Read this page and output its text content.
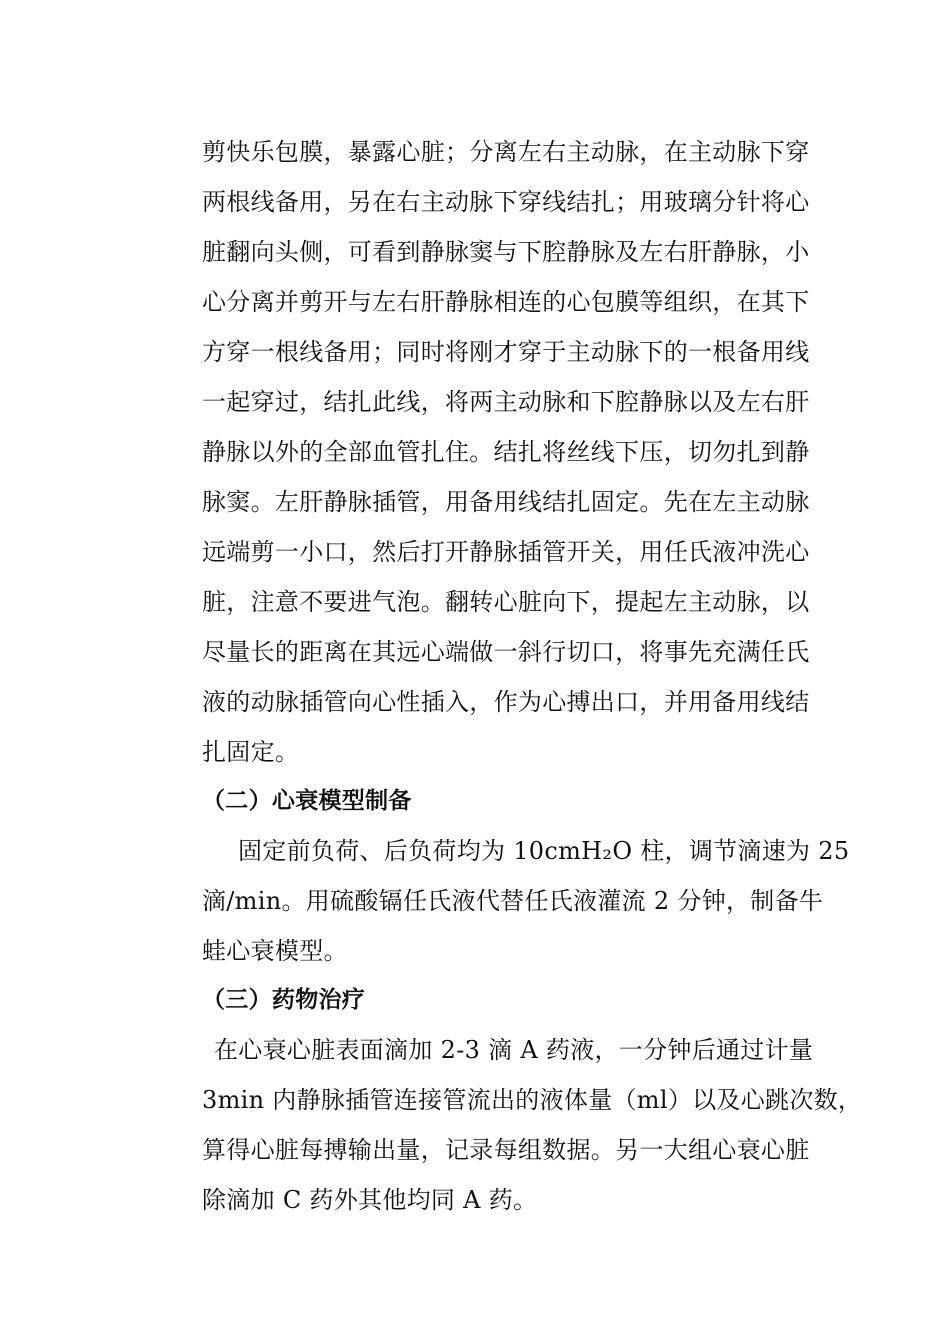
剪快乐包膜，暴露心脏；分离左右主动脉，在主动脉下穿
两根线备用，另在右主动脉下穿线结扎；用玻璃分针将心
脏翻向头侧，可看到静脉窦与下腔静脉及左右肝静脉，小
心分离并剪开与左右肝静脉相连的心包膜等组织，在其下
方穿一根线备用；同时将刚才穿于主动脉下的一根备用线
一起穿过，结扎此线，将两主动脉和下腔静脉以及左右肝
静脉以外的全部血管扎住。结扎将丝线下压，切勿扎到静
脉窦。左肝静脉插管，用备用线结扎固定。先在左主动脉
远端剪一小口，然后打开静脉插管开关，用任氏液冲洗心
脏，注意不要进气泡。翻转心脏向下，提起左主动脉，以
尽量长的距离在其远心端做一斜行切口，将事先充满任氏
液的动脉插管向心性插入，作为心搏出口，并用备用线结
扎固定。
（二）心衰模型制备
固定前负荷、后负荷均为 10cmH₂O 柱，调节滴速为 25
滴/min。用硫酸镉任氏液代替任氏液灌流 2 分钟，制备牛
蛙心衰模型。
（三）药物治疗
在心衰心脏表面滴加 2-3 滴 A 药液，一分钟后通过计量
3min 内静脉插管连接管流出的液体量（ml）以及心跳次数，
算得心脏每搏输出量，记录每组数据。另一大组心衰心脏
除滴加 C 药外其他均同 A 药。
